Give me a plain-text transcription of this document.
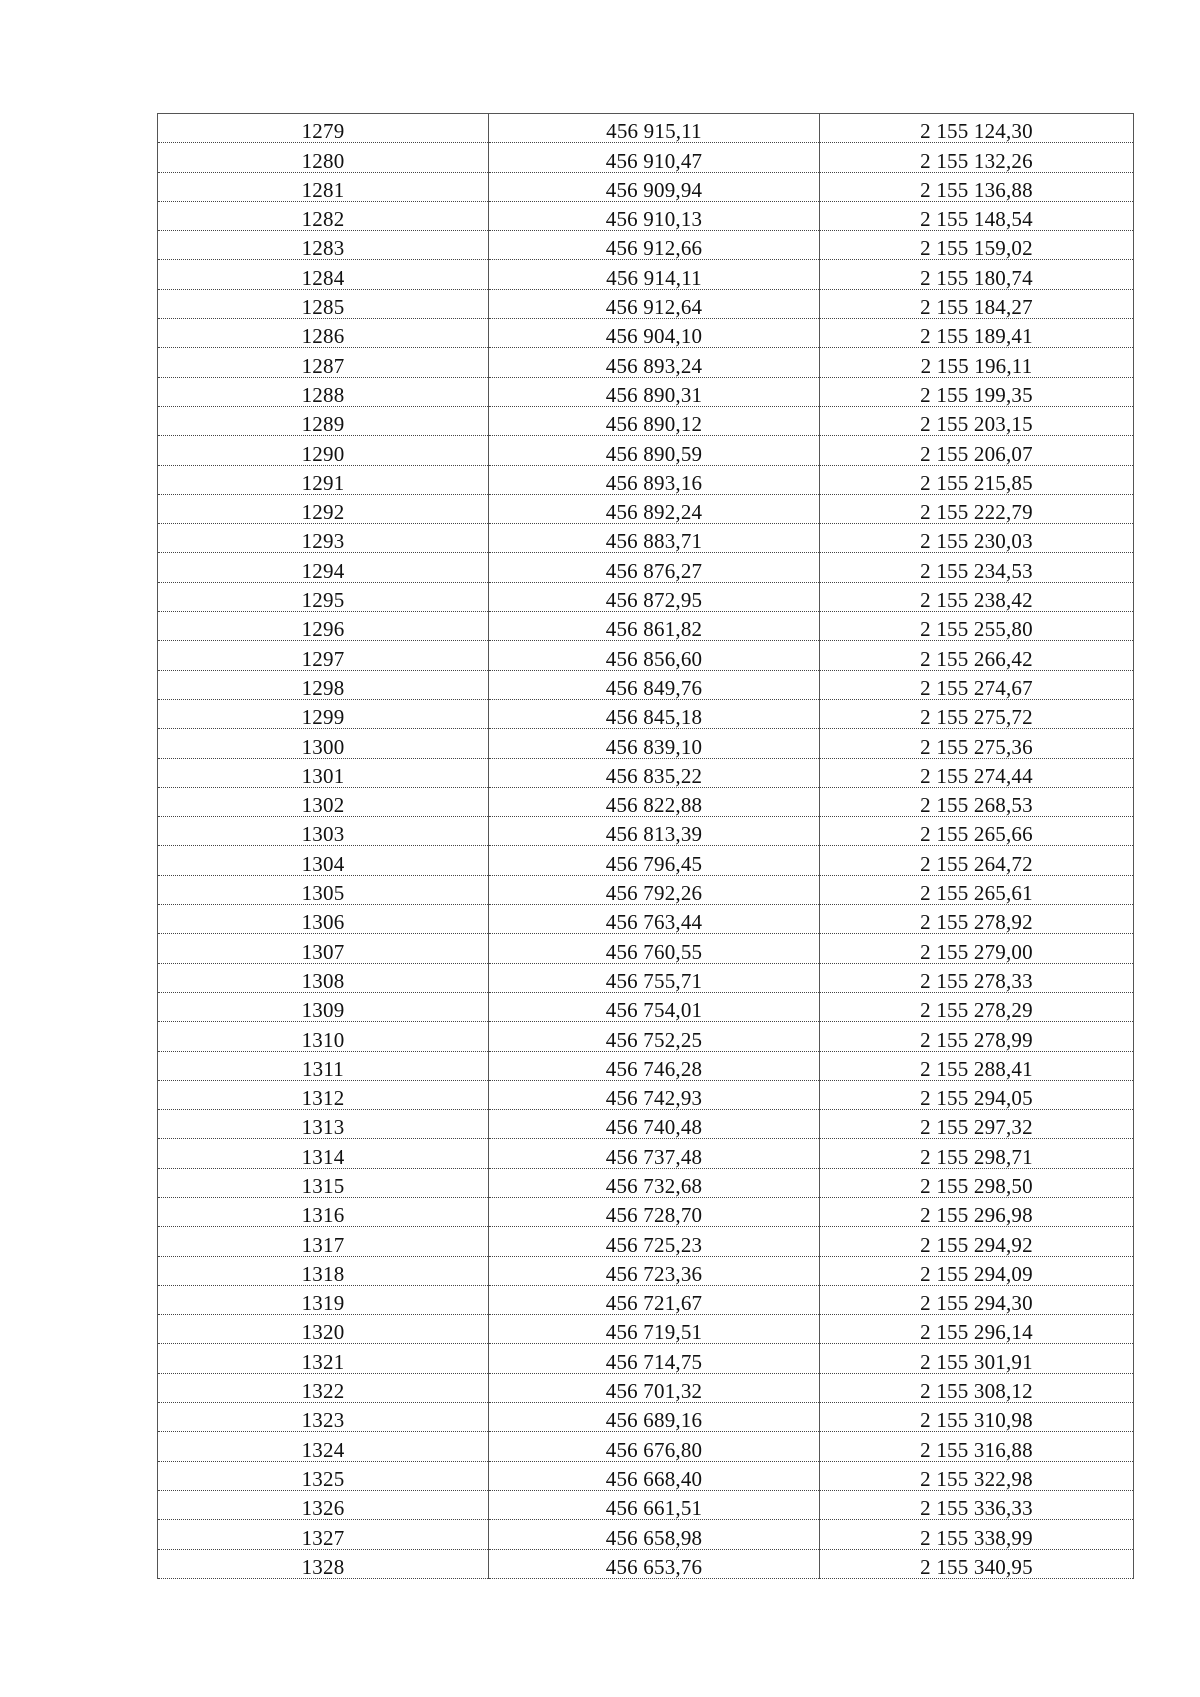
1279	456 915,11	2 155 124,30
1280	456 910,47	2 155 132,26
1281	456 909,94	2 155 136,88
1282	456 910,13	2 155 148,54
1283	456 912,66	2 155 159,02
1284	456 914,11	2 155 180,74
1285	456 912,64	2 155 184,27
1286	456 904,10	2 155 189,41
1287	456 893,24	2 155 196,11
1288	456 890,31	2 155 199,35
1289	456 890,12	2 155 203,15
1290	456 890,59	2 155 206,07
1291	456 893,16	2 155 215,85
1292	456 892,24	2 155 222,79
1293	456 883,71	2 155 230,03
1294	456 876,27	2 155 234,53
1295	456 872,95	2 155 238,42
1296	456 861,82	2 155 255,80
1297	456 856,60	2 155 266,42
1298	456 849,76	2 155 274,67
1299	456 845,18	2 155 275,72
1300	456 839,10	2 155 275,36
1301	456 835,22	2 155 274,44
1302	456 822,88	2 155 268,53
1303	456 813,39	2 155 265,66
1304	456 796,45	2 155 264,72
1305	456 792,26	2 155 265,61
1306	456 763,44	2 155 278,92
1307	456 760,55	2 155 279,00
1308	456 755,71	2 155 278,33
1309	456 754,01	2 155 278,29
1310	456 752,25	2 155 278,99
1311	456 746,28	2 155 288,41
1312	456 742,93	2 155 294,05
1313	456 740,48	2 155 297,32
1314	456 737,48	2 155 298,71
1315	456 732,68	2 155 298,50
1316	456 728,70	2 155 296,98
1317	456 725,23	2 155 294,92
1318	456 723,36	2 155 294,09
1319	456 721,67	2 155 294,30
1320	456 719,51	2 155 296,14
1321	456 714,75	2 155 301,91
1322	456 701,32	2 155 308,12
1323	456 689,16	2 155 310,98
1324	456 676,80	2 155 316,88
1325	456 668,40	2 155 322,98
1326	456 661,51	2 155 336,33
1327	456 658,98	2 155 338,99
1328	456 653,76	2 155 340,95
